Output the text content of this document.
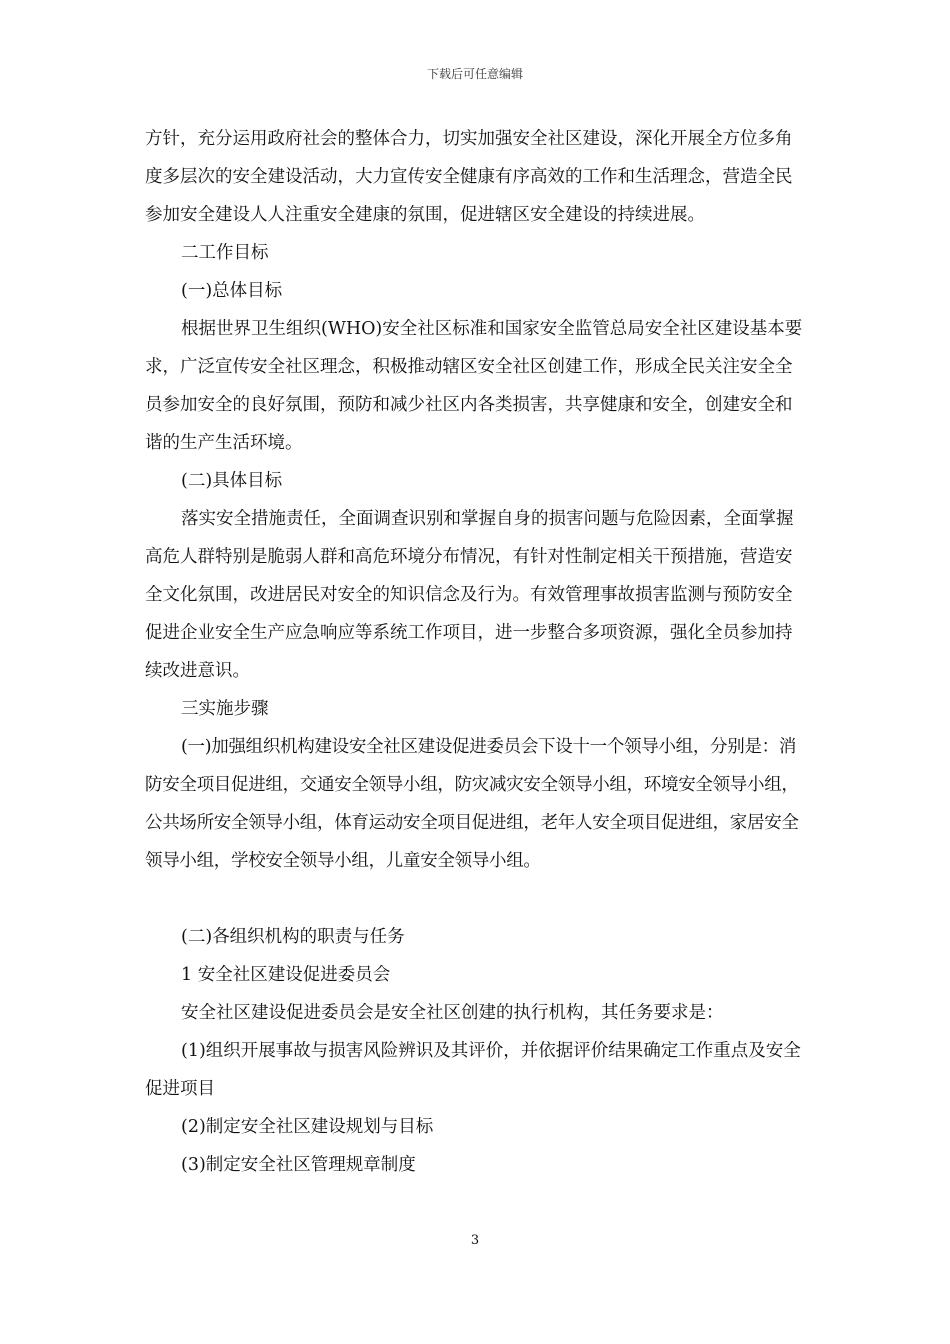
下载后可任意编辑

方针，充分运用政府社会的整体合力，切实加强安全社区建设，深化开展全方位多角度多层次的安全建设活动，大力宣传安全健康有序高效的工作和生活理念，营造全民参加安全建设人人注重安全建康的氛围，促进辖区安全建设的持续进展。

二工作目标

(一)总体目标

根据世界卫生组织(WHO)安全社区标准和国家安全监管总局安全社区建设基本要求，广泛宣传安全社区理念，积极推动辖区安全社区创建工作，形成全民关注安全全员参加安全的良好氛围，预防和减少社区内各类损害，共享健康和安全，创建安全和谐的生产生活环境。

(二)具体目标

落实安全措施责任，全面调查识别和掌握自身的损害问题与危险因素，全面掌握高危人群特别是脆弱人群和高危环境分布情况，有针对性制定相关干预措施，营造安全文化氛围，改进居民对安全的知识信念及行为。有效管理事故损害监测与预防安全促进企业安全生产应急响应等系统工作项目，进一步整合多项资源，强化全员参加持续改进意识。

三实施步骤

(一)加强组织机构建设安全社区建设促进委员会下设十一个领导小组，分别是：消防安全项目促进组，交通安全领导小组，防灾减灾安全领导小组，环境安全领导小组，公共场所安全领导小组，体育运动安全项目促进组，老年人安全项目促进组，家居安全领导小组，学校安全领导小组，儿童安全领导小组。

(二)各组织机构的职责与任务

1 安全社区建设促进委员会

安全社区建设促进委员会是安全社区创建的执行机构，其任务要求是：

(1)组织开展事故与损害风险辨识及其评价，并依据评价结果确定工作重点及安全促进项目

(2)制定安全社区建设规划与目标

(3)制定安全社区管理规章制度

3
